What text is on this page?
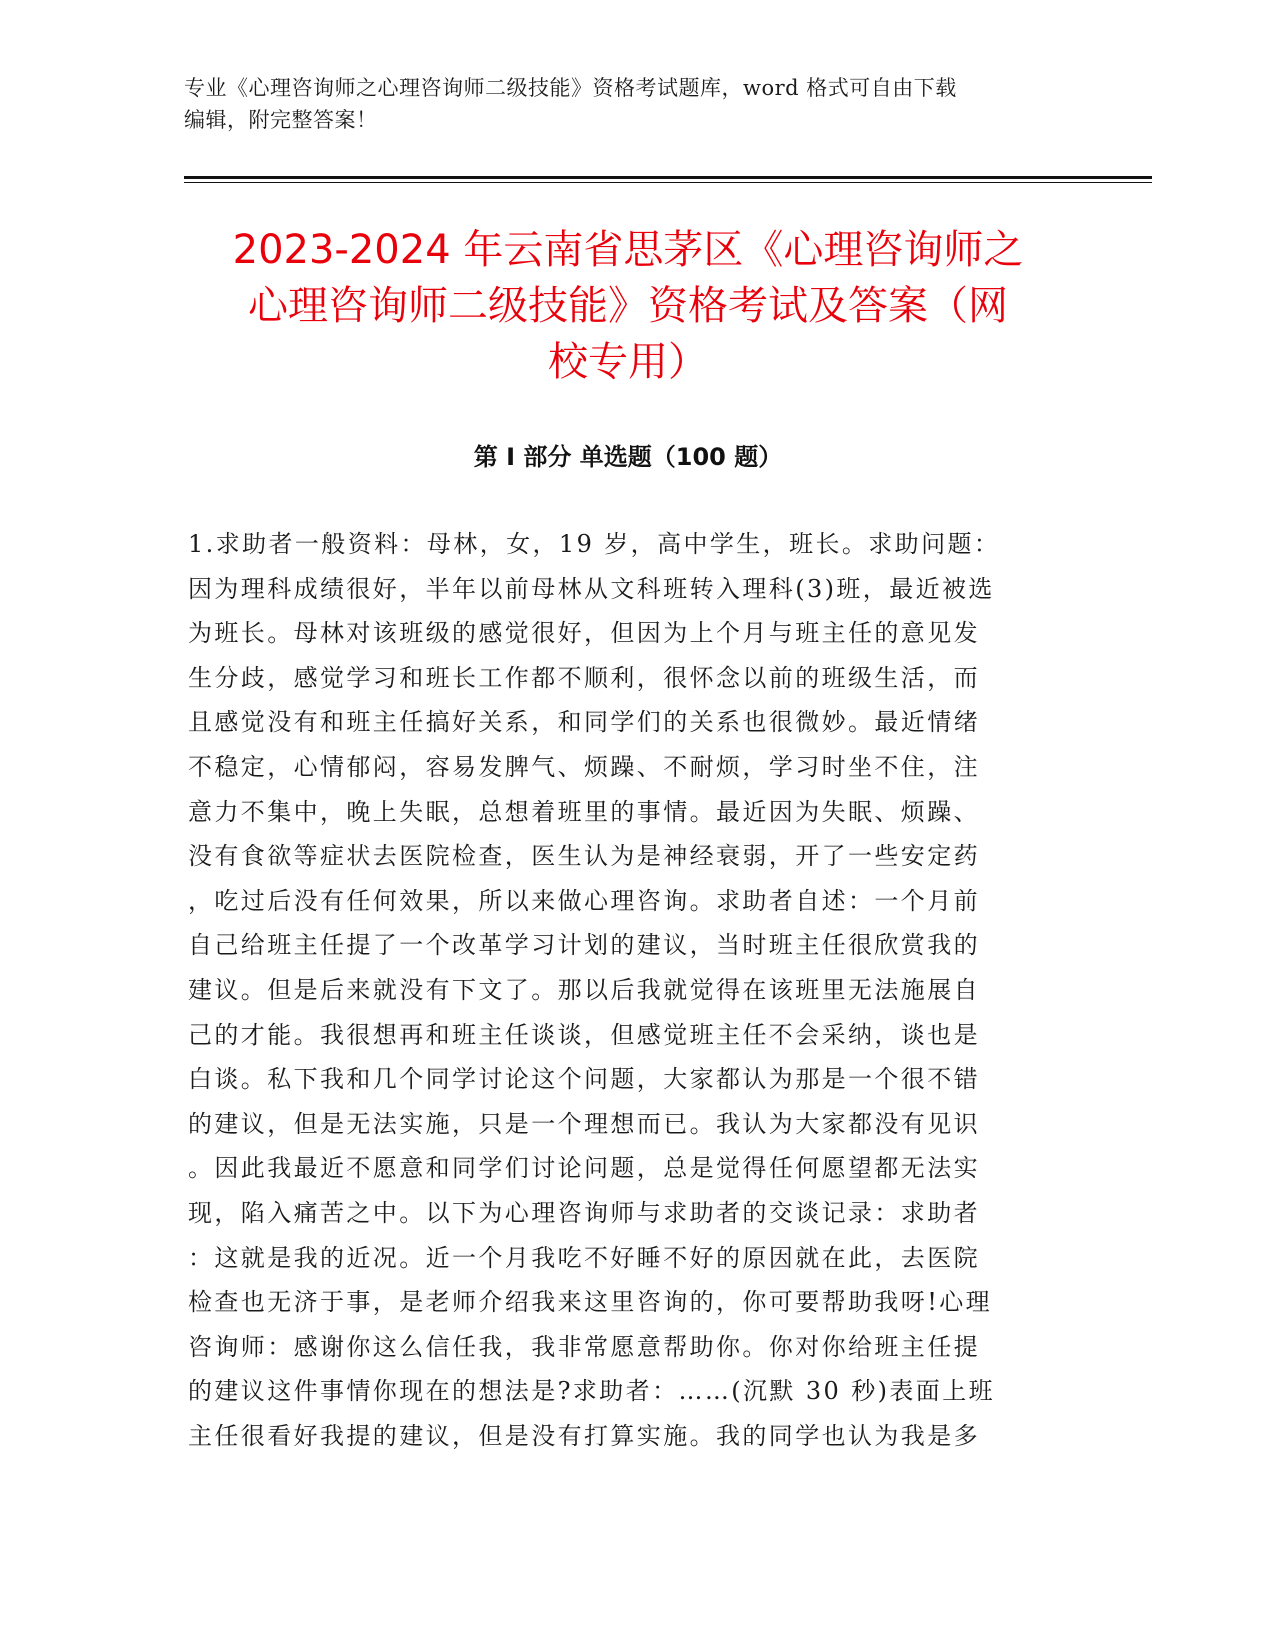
专业《心理咨询师之心理咨询师二级技能》资格考试题库，word 格式可自由下载
编辑，附完整答案！
2023-2024 年云南省思茅区《心理咨询师之
心理咨询师二级技能》资格考试及答案（网
校专用）
第 I 部分 单选题（100 题）
1.求助者一般资料：母林，女，19 岁，高中学生，班长。求助问题：
因为理科成绩很好，半年以前母林从文科班转入理科(3)班，最近被选
为班长。母林对该班级的感觉很好，但因为上个月与班主任的意见发
生分歧，感觉学习和班长工作都不顺利，很怀念以前的班级生活，而
且感觉没有和班主任搞好关系，和同学们的关系也很微妙。最近情绪
不稳定，心情郁闷，容易发脾气、烦躁、不耐烦，学习时坐不住，注
意力不集中，晚上失眠，总想着班里的事情。最近因为失眠、烦躁、
没有食欲等症状去医院检查，医生认为是神经衰弱，开了一些安定药
，吃过后没有任何效果，所以来做心理咨询。求助者自述：一个月前
自己给班主任提了一个改革学习计划的建议，当时班主任很欣赏我的
建议。但是后来就没有下文了。那以后我就觉得在该班里无法施展自
己的才能。我很想再和班主任谈谈，但感觉班主任不会采纳，谈也是
白谈。私下我和几个同学讨论这个问题，大家都认为那是一个很不错
的建议，但是无法实施，只是一个理想而已。我认为大家都没有见识
。因此我最近不愿意和同学们讨论问题，总是觉得任何愿望都无法实
现，陷入痛苦之中。以下为心理咨询师与求助者的交谈记录：求助者
：这就是我的近况。近一个月我吃不好睡不好的原因就在此，去医院
检查也无济于事，是老师介绍我来这里咨询的，你可要帮助我呀!心理
咨询师：感谢你这么信任我，我非常愿意帮助你。你对你给班主任提
的建议这件事情你现在的想法是?求助者：……(沉默 30 秒)表面上班
主任很看好我提的建议，但是没有打算实施。我的同学也认为我是多
